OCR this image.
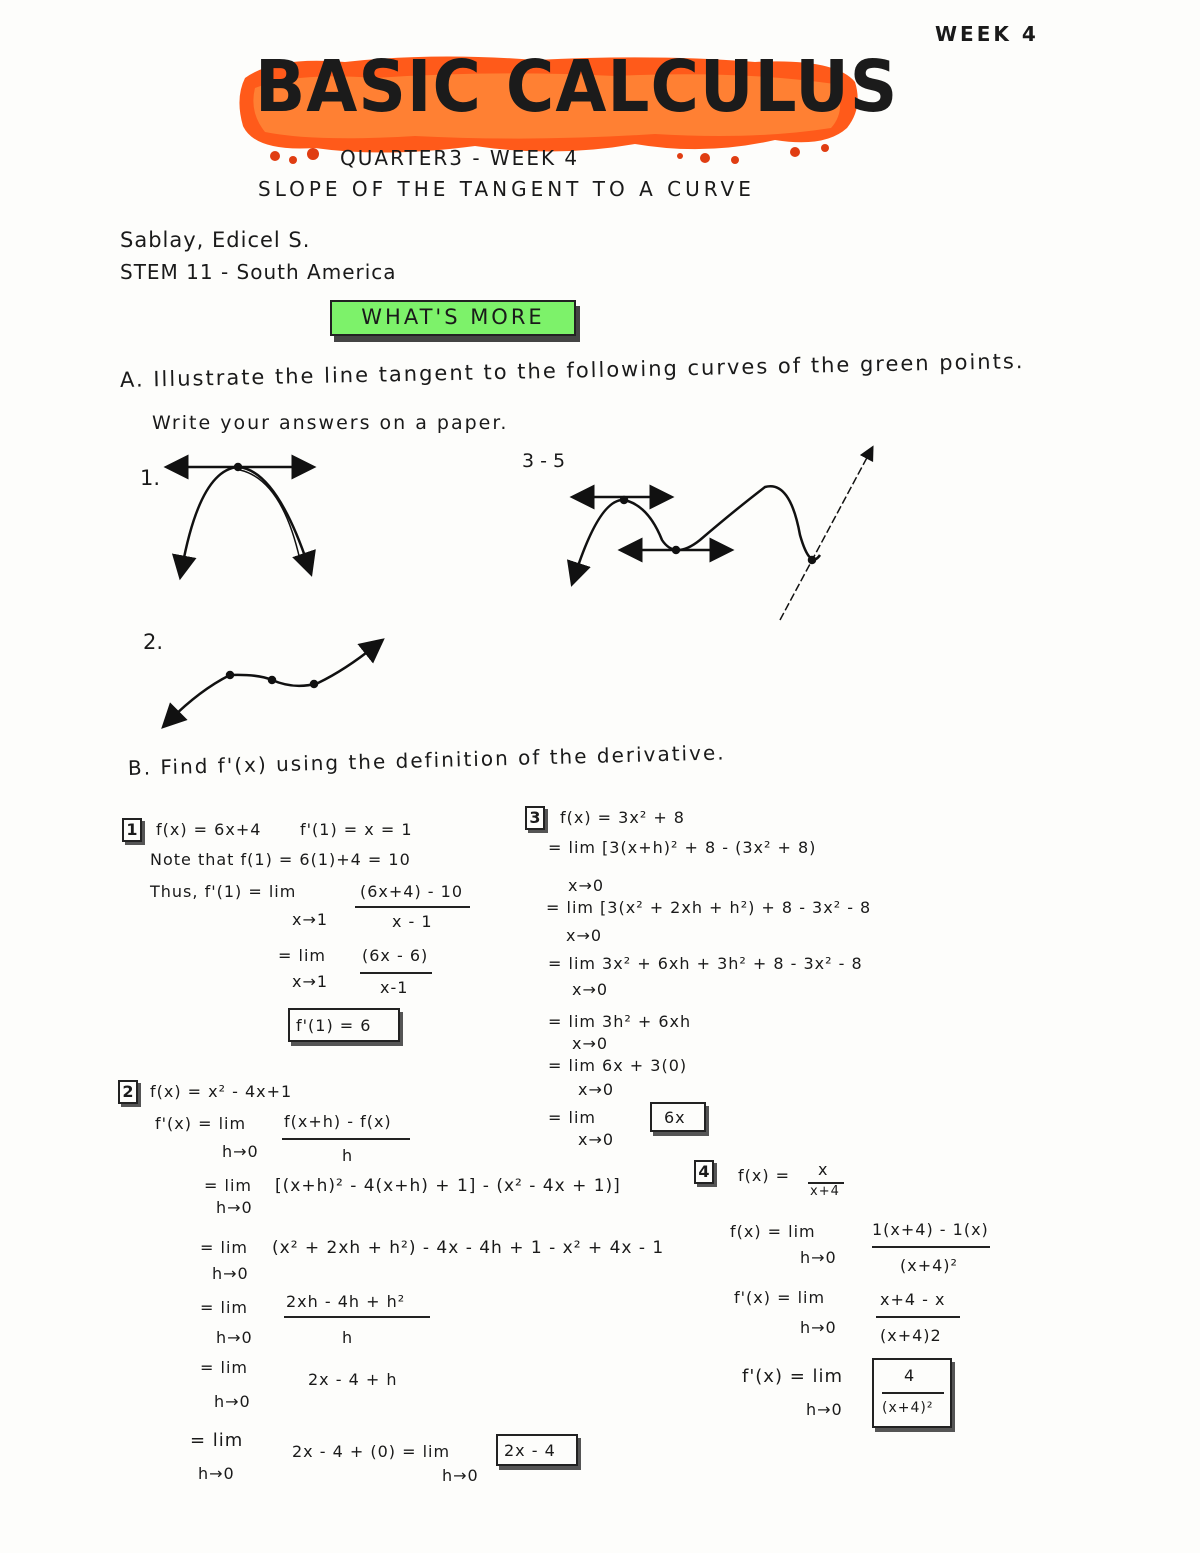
WEEK 4
BASIC CALCULUS
QUARTER3 - WEEK 4
SLOPE OF THE TANGENT TO A CURVE
Sablay, Edicel S.
STEM 11 - South America
WHAT'S MORE
A. Illustrate the line tangent to the following curves of the green points.
Write your answers on a paper.
1.
3 - 5
2.
B. Find f'(x) using the definition of the derivative.
1 f(x) = 6x+4 f'(1) = x = 1
Note that f(1) = 6(1)+4 = 10
Thus, f'(1) = lim
x→1
(6x+4) - 10
x - 1
= lim
x→1
(6x - 6)
x-1
f'(1) = 6
2 f(x) = x² - 4x+1
f'(x) = lim
h→0
f(x+h) - f(x)
h
= lim
h→0
[(x+h)² - 4(x+h) + 1] - (x² - 4x + 1)]
= lim
h→0
(x² + 2xh + h²) - 4x - 4h + 1 - x² + 4x - 1
= lim
h→0
2xh - 4h + h²
h
= lim
h→0
2x - 4 + h
= lim
h→0
2x - 4 + (0) = lim
h→0
2x - 4
3 f(x) = 3x² + 8
= lim [3(x+h)² + 8 - (3x² + 8)
x→0
= lim [3(x² + 2xh + h²) + 8 - 3x² - 8
x→0
= lim 3x² + 6xh + 3h² + 8 - 3x² - 8
x→0
= lim 3h² + 6xh
x→0
= lim 6x + 3(0)
x→0
= lim
x→0
6x
4 f(x) = x
x+4
f(x) = lim
h→0
1(x+4) - 1(x)
(x+4)²
f'(x) = lim
h→0
x+4 - x
(x+4)2
f'(x) = lim
h→0
4
(x+4)²
